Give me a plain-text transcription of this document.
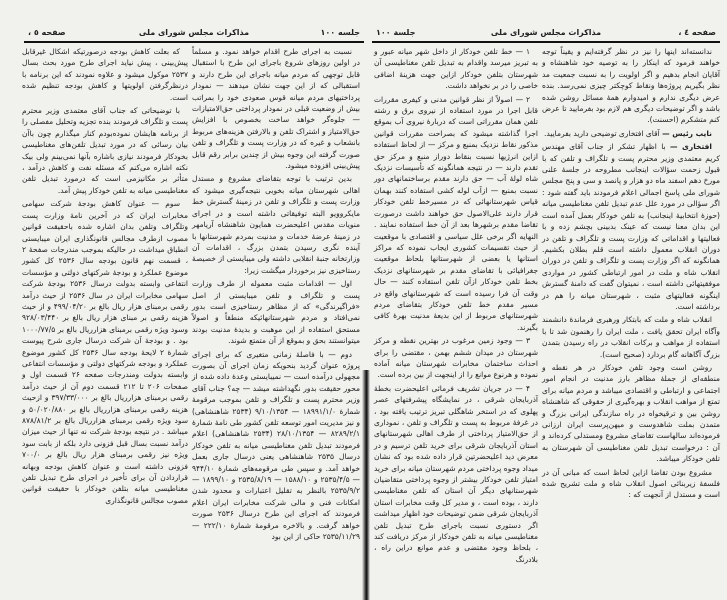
جلسه ١٠٠
مذاکرات مجلس شورای ملی
صفحه ٥ ،

نسبت به اجرای طرح اقدام خواهد نمود. و مسلماً در اولین روزهای شروع باجرای این طرح با استقبال قابل توجهی که مردم میانه باجرای این طرح دارند و استقبالی که از این جهت نشان میدهند — نمودار پرداختیهای مردم میانه قوس صعودی خود را بمراتب بیش از وضعیت قبلی در نمودار پرداختی حق‌الامتیازات — جلوه‌گر خواهد ساخت بخصوص با افزایش حق‌الامتیاز و اشتراک تلفن و بالارفتن هزینه‌های مربوط بانشعاب و غیره که در وزارت پست و تلگراف و تلفن صورت گرفته این وجوه بیش از چندین برابر رقم قابل پیش‌بینی افزوده میشود.

بدین ترتیب با توجه بتقاضای مشروع و مستدل اهالی شهرستان میانه بخوبی نتیجه‌گیری میشود که وزارت پست و تلگراف و تلفن در زمینهٔ گسترش خط مایکروویو البته توفیقاتی داشته است و در اجرای منویات مقدس اعلیحضرت همایون شاهنشاه آریامهر در زمینهٔ عرضهٔ خدمات و مدنیت بمردم شهرستانها با آینده نگری رسیدن بتمدن بزرگ ، اقدامات آن وزارتخانه جنبهٔ انقلابی داشته ولی میبایستی از خصیصهٔ رستاخیزی نیز برخوردار میگشت زیرا:

اول — اقدامات مثبت معموله از طرف وزارت پست و تلگراف و تلفن میبایستی از اصل «فراگیرندگی» که از مظاهر رستاخیزی است بدور نمی‌افتاد و مردم شهرستانهائیکه منطقاً و اصولاً مستحق استفاده از این موهبت و بدیدهٔ مدنیت بودند میتوانستند بحق و بموقع از آن متمتع شوند.

دوم — با فاصلهٔ زمانی متغیری که برای اجرای پروژه عنوان گردید بنحویکه زمان اجرای آن بصورت مجهولی درآمده است — نمیبایستی وعدهٔ داده شده از محور حقیقت بدور نگهداشته میشد — چه؟ جناب آقای وزیر محترم پست و تلگراف و تلفن بموجب مرقومهٔ شمارهٔ ۱۸۹۹۱/۱/۰ — ۹/۱۰/۱۳۵۴ (۲۵۳۴ شاهنشاهی) و نیز مدیریت امور توسعه تلفن کشور طی نامهٔ شمارهٔ ۸۲۸۹/۲/۱ — ۲۸/۱۰/۱۳۵۴ (۲۵۳۴ شاهنشاهی) اعلام فرمودند تبدیل تلفن مغناطیسی میانه به تلفن خودکار درسال ۲۵۳۵ شاهنشاهی یعنی درسال جاری بعمل خواهد آمد. و سپس طی مرقومه‌های شمارهٔ ۹۴۴/۱۰ — ۲۵۳۵/۴/۵ و ۱۵۸۸/۱۰ — ۲۵۳۵/۸/۱۹ و ۱۸۹۹/۱۰ — ۲۵۳۵/۹/۲ بالنظر به تقلیل اعتبارات و محدود شدن امکانات فنی و مالی شرکت مخابرات ایران اعلام فرمودند که اجرای این طرح درسال ۲۵۳۶ صورت خواهد گرفت. و بالاخره مرقومهٔ شمارهٔ ۲۲۲/۱۰ — ۲۵۳۵/۱۱/۲۹ حاکی از این بود

که بعلت کاهش بودجه درصورتیکه اشکال غیرقابل پیش‌بینی ، پیش نیاید اجرای طرح مورد بحث بسال ۲۵۳۷ موکول میشود و علاوه نمودند که این برنامه با درنظرگرفتن اولویتها و کاهش بودجه تنظیم شده است.

با توضیحاتی که جناب آقای معتمدی وزیر محترم پست و تلگراف فرمودند بنده تجزیه وتحلیل مفصلی را از برنامه هایشان نموده‌بودم کنار میگذارم چون باآن بیان رسائی که در مورد تبدیل تلفن‌های مغناطیسی بخودکار فرمودند نیازی باشاره بآنها نمی‌بینم ولی بیک نکته اشاره می‌کنم که مسئله نفت و کاهش درآمد ، متأثر بر مکانیزمی است که درمورد تبدیل تلفن مغناطیسی میانه به تلفن خودکار پیش آمد.

سوم — عنوان کاهش بودجهٔ شرکت سهامی مخابرات ایران که در آخرین نامهٔ وزارت پست وتلگراف وتلفن بدان اشاره شده باحقیقت قوانین مصوب ازطرف مجالس قانونگذاری ایران میبایستی انطباق میداشت در حالیکه بموجب مندرجات صفحهٔ ۲ ، قسمت نهم قانون بودجه سال ۲۵۳۶ کل کشور موضوع عملکرد و بودجهٔ شرکتهای دولتی و مؤسسات انتفاعی وابسته بدولت درسال ۲۵۳۶ بودجهٔ شرکت سهامی مخابرات ایران در سال ۲۵۳۶ از حیث درآمد رقمی برمبنای هزار ریال بالغ بر ۴۹۹/۰۴/۲۰ و از حیث هزینه رقمی بر مبنای هزار ریال بالغ بر ۹۲۸/۰۳/۴۴۰ وسود ویژه رقمی برمبنای هزارریال بالغ بر ۱۰۰۰/۷۷/۵ بود . و بودجهٔ آن شرکت درسال جاری شرح پیوست شمارهٔ ۲ لایحهٔ بودجه سال ۲۵۳۶ کل کشور موضوع عملکرد و بودجه شرکتهای دولتی و مؤسسات انتفاعی وابسته بدولت ومندرجات صفحه ۲۶ قسمت اول و صفحات ۲۰۶ تا ۲۱۲ قسمت دوم آن از حیث درآمد رقمی برمبنای هزارریال بالغ بر ۳۹۷/۳۳/۰۰۰ و ازحیث هزینه رقمی برمبنای هزارریال بالغ بر ۵۰/۰۲۰/۸۸۰ و سود ویژه رقمی برمبنای هزارریال بالغ بر ۸۷۸/۸۱/۲ میباشد . در نتیجه بودجهٔ شرکت نه تنها از حیث میزان درآمد نسبت بسال قبل فزونی دارد بلکه از بابت سود ویژه نیز رقمی برمبنای هزار ریال بالغ بر ۷۰۰/۰ فزونی داشته است و عنوان کاهش بودجه وبهانه قراردادن آن برای تأخیر در اجرای طرح تبدیل تلفن مغناطیسی میانه بتلفن خودکار با حقیقت قوانین مصوب مجالس قانونگذاری

صفحه ٤ ،
مذاکرات مجلس شورای ملی
جلسة ١٠٠

ندانسته‌اند اینها را نیز در نظر گرفته‌ایم و یقیناً توجه خواهند فرمود که اینکار را به توصیه خود شاهنشاه و آقایان انجام بدهیم و اگر اولویت را به نسبت جمعیت مد نظر بگیریم پروژه‌ها ونقاط کوچکتر چیزی نمی‌رسد. بنده عرض دیگری ندارم و امیدوارم همهٔ مسائل روشن شده باشد و اگر توضیحات دیگری هم لازم بود بفرمایید تا عرض کنم متشکرم (احسنت).

نایب رئیس — آقای افتخاری توضیحی دارید بفرمایید.

افتخاری — با اظهار تشکر از جناب آقای مهندس کریم معتمدی وزیر محترم پست و تلگراف و تلفن که با قبول زحمت سؤالات اینجانب مطروحه در جلسهٔ علنی مورخ دهم اسفند ماه دو هزار و پانصد و سی و پنج مجلس شورای ملی پاسخ اجمالی اعلام فرمودند باید گفته شود : اگر سؤالی در مورد علل عدم تبدیل تلفن مغناطیسی میانه (حوزهٔ انتخابیهٔ اینجانب) به تلفن خودکار بعمل آمده است این بدان معنا نیست که عینک بدبینی بچشم زده و با فعالیتها و اقداماتی که وزارت پست و تلگراف و تلفن در دوران انقلاب معمول داشته است قلم بطلان بکشیم. همانگونه که اگر وزارت پست و تلگراف و تلفن در دوران انقلاب شاه و ملت در امور ارتباطی کشور در مواردی موفقیتهائی داشته است ، نمیتوان گفت که دامنهٔ گسترش اینگونه فعالیتهای مثبت ، شهرستان میانه را هم در برداشته است.

انقلاب شاه و ملت که بابتکار ورهبری فرماندهٔ دانشمند وآگاه ایران تحقق یافت ، ملت ایران را رهنمون شد تا با استفاده از مواهب و برکات انقلاب در راه رسیدن بتمدن بزرگ آگاهانه گام بردارد (صحیح است).

روشن است وجود تلفن خودکار در هر نقطه و منطقه‌ای از جملهٔ مظاهر بارز مدنیت در انجام امور اجتماعی و ارتباطی و اقتصادی میباشد و مردم میانه برای تمتع از مواهب انقلاب و بهره‌گیری از حقوقی که شاهنشاه روشن بین و ترقیخواه در راه سازندگی ایرانی بزرگ و متمدن بملت شاهدوست و میهن‌پرست ایران ارزانی فرموده‌اند سالهاست تقاضای مشروع ومستدلی کرده‌اند و آن : درخواست تبدیل تلفن مغناطیسی آن شهرستان به تلفن خودکار میباشد.

مشروع بودن تقاضا ازاین لحاظ است که مبانی آن در فلسفهٔ زیربنائی اصول انقلاب شاه و ملت تشریح شده است و مستدل از آنجهت که :

۱ — خط تلفن خودکار از داخل شهر میانه عبور و به تبریز میرسد واقدام به تبدیل تلفن مغناطیسی آن شهرستان بتلفن خودکار ازاین جهت هزینهٔ اضافی خاصی را در بر نخواهد داشت.

۲ — اصولاً از نظر قوانین مدنی و کیفری مقررات قابل اجرا در مورد استفاده از نیروی برق و رشته تلفن همان مقرراتی است که دربارهٔ نیروی آب بموقع اجرا گذاشته میشود که بصراحت مقررات قوانین مذکور نقاط نزدیک بمنبع و مرکز — از لحاظ استفاده ازاین انرژیها نسبت بنقاط دوراز منبع و مرکز حق تقدم دارند — در نتیجه همانگونه که تأسیسات نزدیک شاه لولهٔ آب — حق دارند مقدم برساختمانهای دور نسبت بمنبع — ازآب لوله کشی استفاده کنند بهمان قیاس شهرستانهائی که در مسیرخط تلفن خودکار قرار دارند علی‌الاصول حق خواهند داشت درصورت تقاضا مقدم برشهرها بعد از آن خط استفاده نمایند . النهایه اگر برخی علل سیاسی و اقتصادی با موقعیت از حیث تقسیمات کشوری ایجاب نموده که مراکز استانها یا بعضی از شهرستانها بلحاظ موقعیت جغرافیائی با تقاضای مقدم بر شهرستانهای نزدیک بخط تلفن خودکار ازآن تلفن استفاده کنند — حال وقت آن فرا رسیده است که شهرستانهای واقع در مسیر مقدم خط تلفن خودکار بتقاضای مردم شهرستانهای مربوط از این بدیعهٔ مدنیت بهرهٔ کافی بگیرند.

۳ — وجود زمین مرغوب در بهترین نقطه و مرکز شهرستان در میدان ششم بهمن ، مقتضی را برای احداث ساختمان مخابرات شهرستان میانه آماده نموده و هرنوع موانع را از اینجهت از بین برده است.

۴ — در جریان تشریف فرمائی اعلیحضرت بخطهٔ آذربایجان شرقی ، در نمایشگاه پیشرفتهای عصر پهلوی که در استخر شاهگلی تبریز ترتیب یافته بود ، در غرفهٔ مربوط به پست و تلگراف و تلفن ، نموداری از حق‌الامتیاز پرداختی از طرف اهالی شهرستانهای استان آذربایجان شرقی برای خرید تلفن ترسیم و در معرض دید اعلیحضرتین قرار داده شده بود که نشان میداد وجوه پرداختی مردم شهرستان میانه برای خرید امتیاز تلفن خودکار بیشتر از وجوه پرداختی متقاضیان شهرستانهای دیگر آن استان که تلفن مغناطیسی دارند ، بوده است ، و مدیر کل وقت مخابرات استان آذربایجان شرقی ضمن توضیحات خود اظهار میداشت اگر دستوری نسبت باجرای طرح تبدیل تلفن مغناطیسی میانه به تلفن خودکار از مرکز دریافت کند ، بلحاظ وجود مقتضی و عدم موانع دراین راه ، بلادرنگ
